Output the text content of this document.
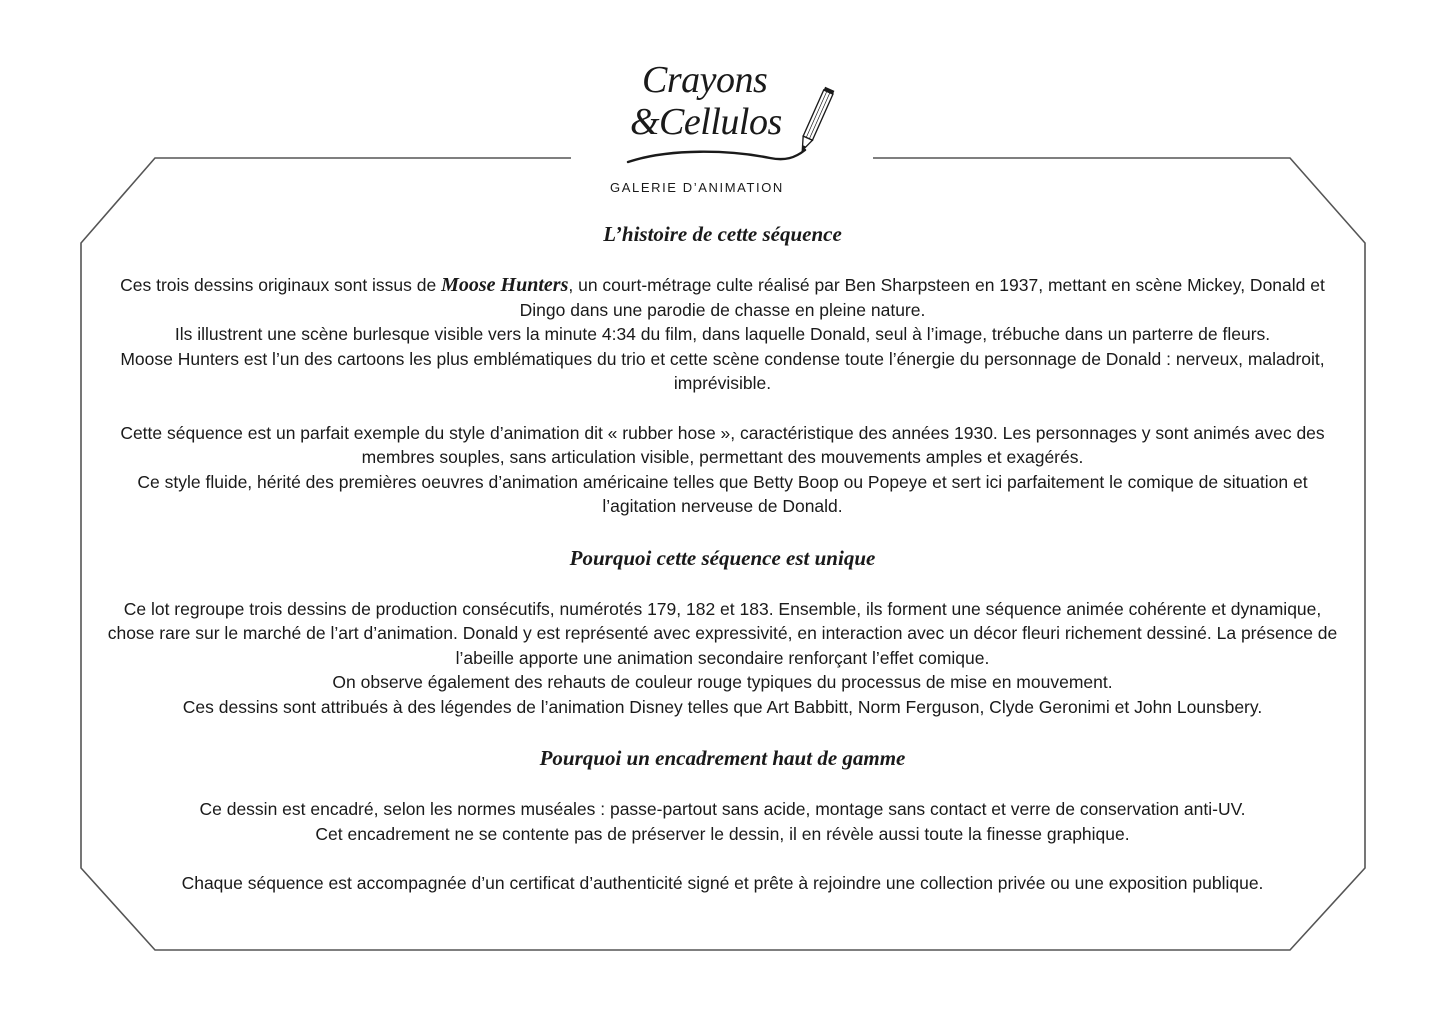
Crayons
&Cellulos
GALERIE D’ANIMATION
L’histoire de cette séquence

Ces trois dessins originaux sont issus de Moose Hunters, un court-métrage culte réalisé par Ben Sharpsteen en 1937, mettant en scène Mickey, Donald et Dingo dans une parodie de chasse en pleine nature.

Ils illustrent une scène burlesque visible vers la minute 4:34 du film, dans laquelle Donald, seul à l’image, trébuche dans un parterre de fleurs.

Moose Hunters est l’un des cartoons les plus emblématiques du trio et cette scène condense toute l’énergie du personnage de Donald : nerveux, maladroit, imprévisible.

Cette séquence est un parfait exemple du style d’animation dit « rubber hose », caractéristique des années 1930. Les personnages y sont animés avec des membres souples, sans articulation visible, permettant des mouvements amples et exagérés.

Ce style fluide, hérité des premières oeuvres d’animation américaine telles que Betty Boop ou Popeye et sert ici parfaitement le comique de situation et l’agitation nerveuse de Donald.

Pourquoi cette séquence est unique

Ce lot regroupe trois dessins de production consécutifs, numérotés 179, 182 et 183. Ensemble, ils forment une séquence animée cohérente et dynamique, chose rare sur le marché de l’art d’animation. Donald y est représenté avec expressivité, en interaction avec un décor fleuri richement dessiné. La présence de l’abeille apporte une animation secondaire renforçant l’effet comique.

On observe également des rehauts de couleur rouge typiques du processus de mise en mouvement.

Ces dessins sont attribués à des légendes de l’animation Disney telles que Art Babbitt, Norm Ferguson, Clyde Geronimi et John Lounsbery.

Pourquoi un encadrement haut de gamme

Ce dessin est encadré, selon les normes muséales : passe-partout sans acide, montage sans contact et verre de conservation anti-UV.

Cet encadrement ne se contente pas de préserver le dessin, il en révèle aussi toute la finesse graphique.

Chaque séquence est accompagnée d’un certificat d’authenticité signé et prête à rejoindre une collection privée ou une exposition publique.
